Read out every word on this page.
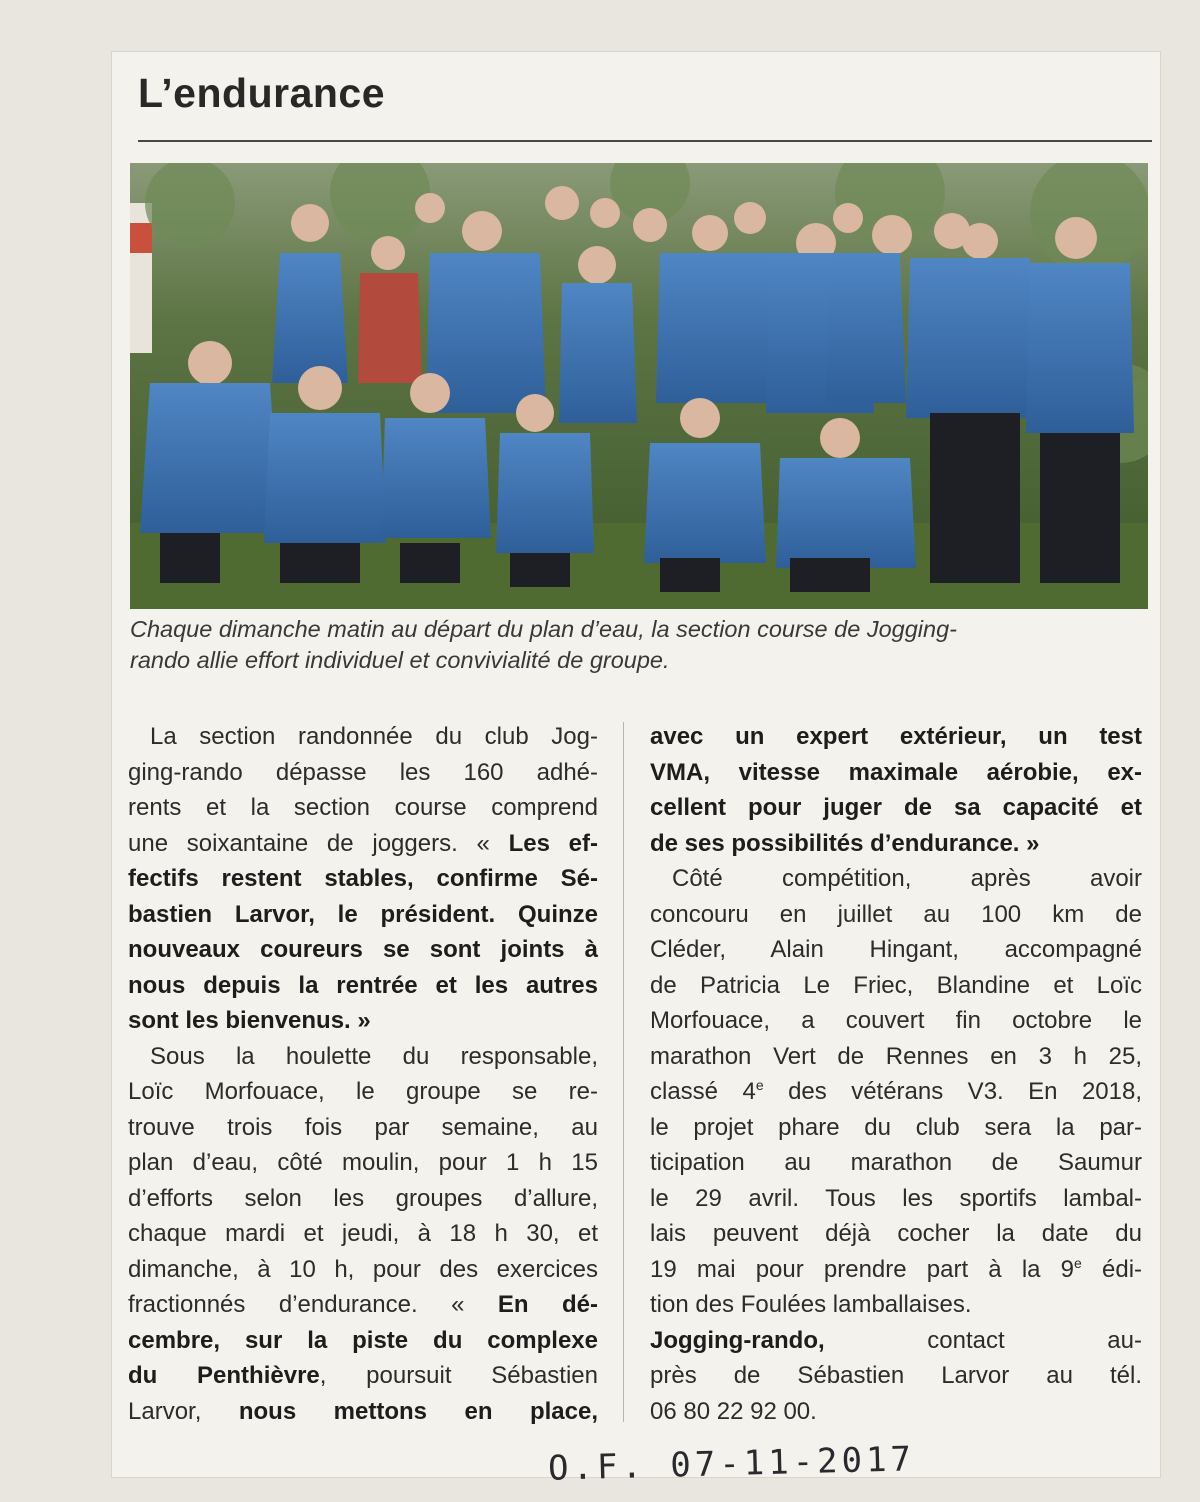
L’endurance
Chaque dimanche matin au départ du plan d’eau, la section course de Jogging-
rando allie effort individuel et convivialité de groupe.
La section randonnée du club Jog-
ging-rando dépasse les 160 adhé-
rents et la section course comprend
une soixantaine de joggers. « Les ef-
fectifs restent stables, confirme Sé-
bastien Larvor, le président. Quinze
nouveaux coureurs se sont joints à
nous depuis la rentrée et les autres
sont les bienvenus. »
Sous la houlette du responsable,
Loïc Morfouace, le groupe se re-
trouve trois fois par semaine, au
plan d’eau, côté moulin, pour 1 h 15
d’efforts selon les groupes d’allure,
chaque mardi et jeudi, à 18 h 30, et
dimanche, à 10 h, pour des exercices
fractionnés d’endurance. « En dé-
cembre, sur la piste du complexe
du Penthièvre, poursuit Sébastien
Larvor, nous mettons en place,
avec un expert extérieur, un test
VMA, vitesse maximale aérobie, ex-
cellent pour juger de sa capacité et
de ses possibilités d’endurance. »
Côté compétition, après avoir
concouru en juillet au 100 km de
Cléder, Alain Hingant, accompagné
de Patricia Le Friec, Blandine et Loïc
Morfouace, a couvert fin octobre le
marathon Vert de Rennes en 3 h 25,
classé 4e des vétérans V3. En 2018,
le projet phare du club sera la par-
ticipation au marathon de Saumur
le 29 avril. Tous les sportifs lambal-
lais peuvent déjà cocher la date du
19 mai pour prendre part à la 9e édi-
tion des Foulées lamballaises.
Jogging-rando, contact au-
près de Sébastien Larvor au tél.
06 80 22 92 00.
O.F. 07-11-2017
